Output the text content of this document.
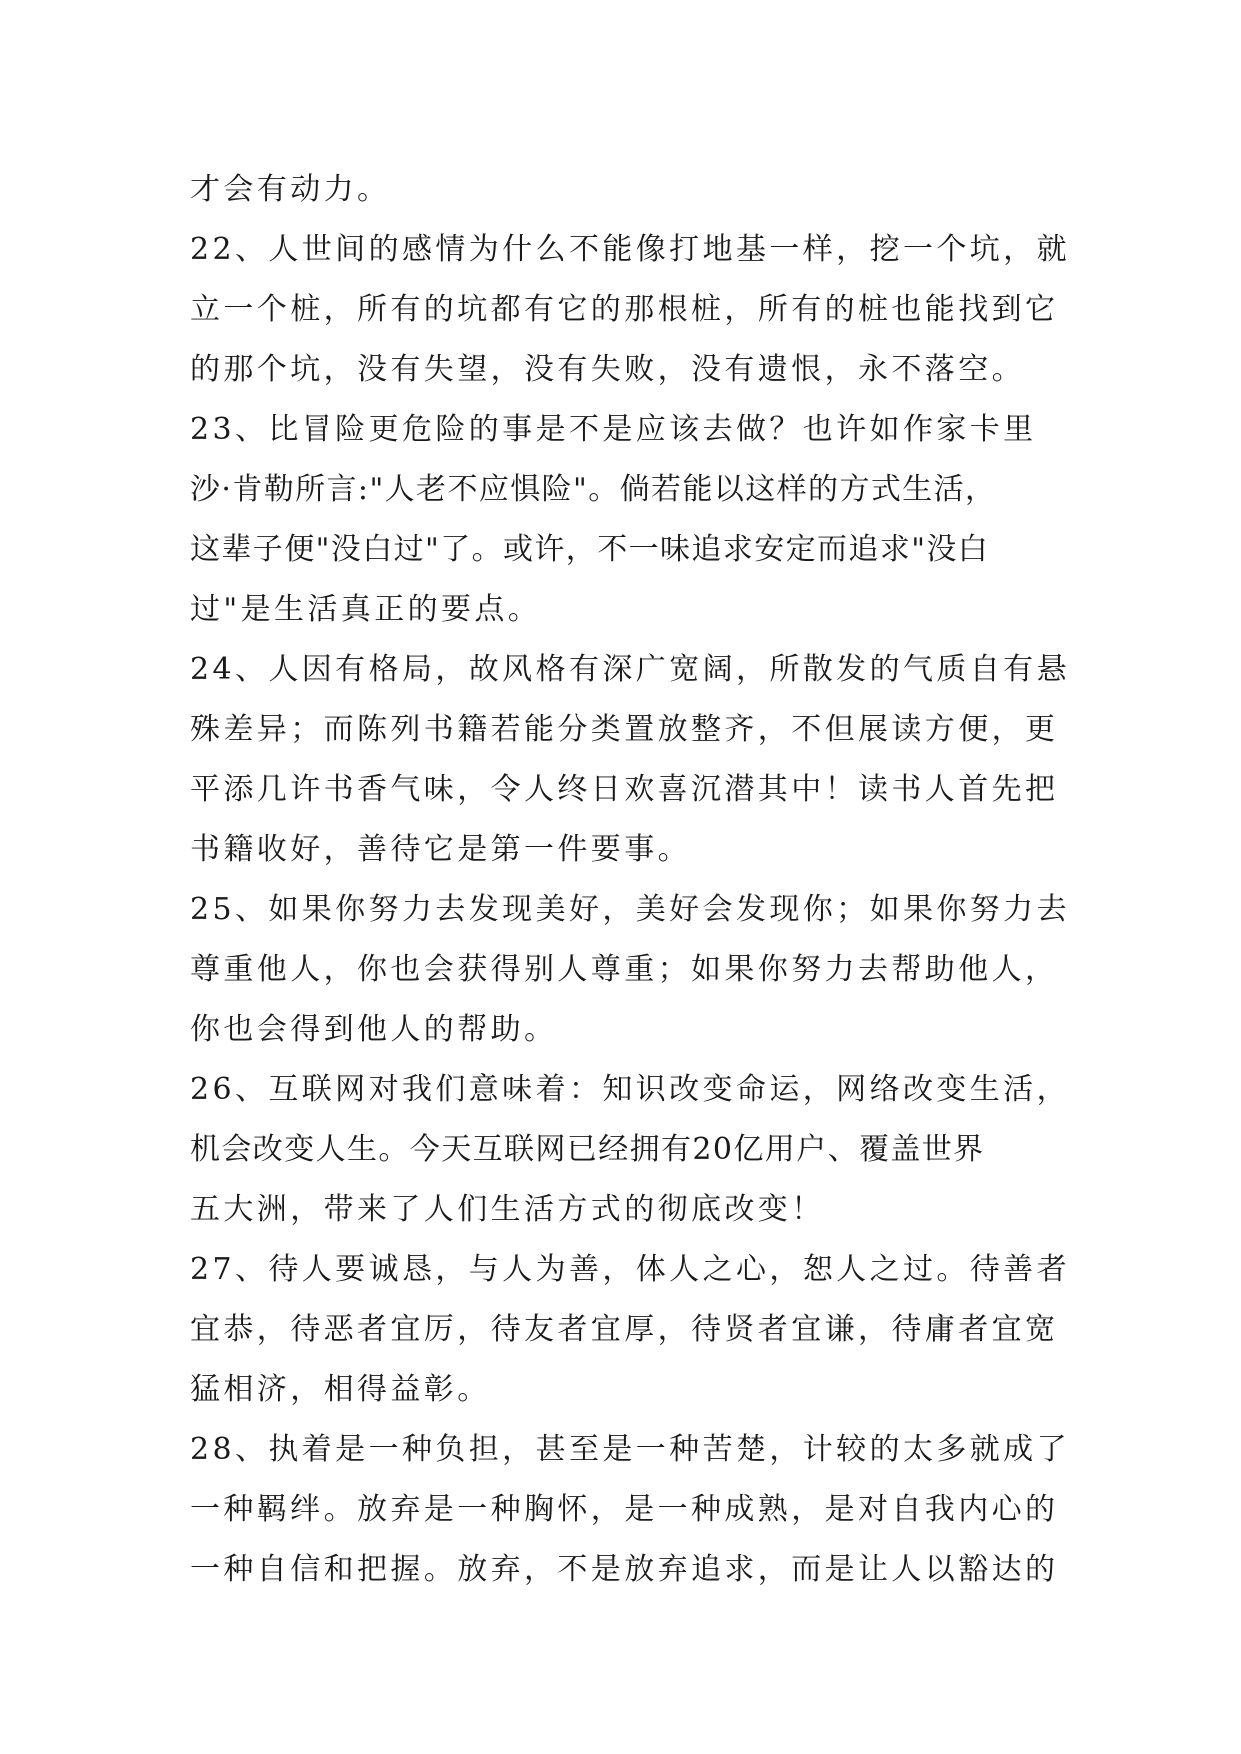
才会有动力。
22、人世间的感情为什么不能像打地基一样，挖一个坑，就
立一个桩，所有的坑都有它的那根桩，所有的桩也能找到它
的那个坑，没有失望，没有失败，没有遗恨，永不落空。
23、比冒险更危险的事是不是应该去做？也许如作家卡里
沙·肯勒所言:"人老不应惧险"。倘若能以这样的方式生活，
这辈子便"没白过"了。或许，不一味追求安定而追求"没白
过"是生活真正的要点。
24、人因有格局，故风格有深广宽阔，所散发的气质自有悬
殊差异；而陈列书籍若能分类置放整齐，不但展读方便，更
平添几许书香气味，令人终日欢喜沉潜其中！读书人首先把
书籍收好，善待它是第一件要事。
25、如果你努力去发现美好，美好会发现你；如果你努力去
尊重他人，你也会获得别人尊重；如果你努力去帮助他人，
你也会得到他人的帮助。
26、互联网对我们意味着：知识改变命运，网络改变生活，
机会改变人生。今天互联网已经拥有20亿用户、覆盖世界
五大洲，带来了人们生活方式的彻底改变！
27、待人要诚恳，与人为善，体人之心，恕人之过。待善者
宜恭，待恶者宜厉，待友者宜厚，待贤者宜谦，待庸者宜宽
猛相济，相得益彰。
28、执着是一种负担，甚至是一种苦楚，计较的太多就成了
一种羁绊。放弃是一种胸怀，是一种成熟，是对自我内心的
一种自信和把握。放弃，不是放弃追求，而是让人以豁达的
